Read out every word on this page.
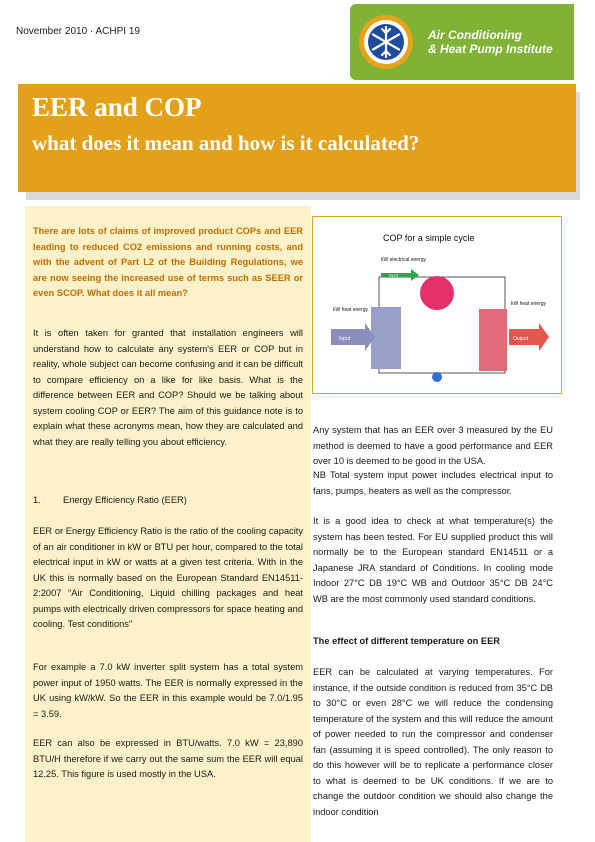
November 2010 · ACHPI 19	Air Conditioning
& Heat Pump Institute
EER and COP
what does it mean and how is it calculated?
There are lots of claims of improved product COPs and EER leading to reduced CO2 emissions and running costs, and with the advent of Part L2 of the Building Regulations, we are now seeing the increased use of terms such as SEER or even SCOP. What does it all mean?
It is often taken for granted that installation engineers will understand how to calculate any system's EER or COP but in reality, whole subject can become confusing and it can be difficult to compare efficiency on a like for like basis. What is the difference between EER and COP? Should we be talking about system cooling COP or EER? The aim of this guidance note is to explain what these acronyms mean, how they are calculated and what they are really telling you about efficiency.
1. Energy Efficiency Ratio (EER)
EER or Energy Efficiency Ratio is the ratio of the cooling capacity of an air conditioner in kW or BTU per hour, compared to the total electrical input in kW or watts at a given test criteria. With in the UK this is normally based on the European Standard EN14511-2:2007 "Air Conditioning, Liquid chilling packages and heat pumps with electrically driven compressors for space heating and cooling. Test conditions"
For example a 7.0 kW inverter split system has a total system power input of 1950 watts. The EER is normally expressed in the UK using kW/kW. So the EER in this example would be 7.0/1.95 = 3.59.
EER can also be expressed in BTU/watts. 7.0 kW = 23,890 BTU/H therefore if we carry out the same sum the EER will equal 12.25. This figure is used mostly in the USA.
COP for a simple cycle
kW electrical energy
Input
kW heat energy
Input
kW heat energy
Output
Any system that has an EER over 3 measured by the EU method is deemed to have a good performance and EER over 10 is deemed to be good in the USA.
NB Total system input power includes electrical input to fans, pumps, heaters as well as the compressor.
It is a good idea to check at what temperature(s) the system has been tested. For EU supplied product this will normally be to the European standard EN14511 or a Japanese JRA standard of Conditions. In cooling mode Indoor 27°C DB 19°C WB and Outdoor 35°C DB 24°C WB are the most commonly used standard conditions.
The effect of different temperature on EER
EER can be calculated at varying temperatures. For instance, if the outside condition is reduced from 35°C DB to 30°C or even 28°C we will reduce the condensing temperature of the system and this will reduce the amount of power needed to run the compressor and condenser fan (assuming it is speed controlled). The only reason to do this however will be to replicate a performance closer to what is deemed to be UK conditions. If we are to change the outdoor condition we should also change the indoor condition
